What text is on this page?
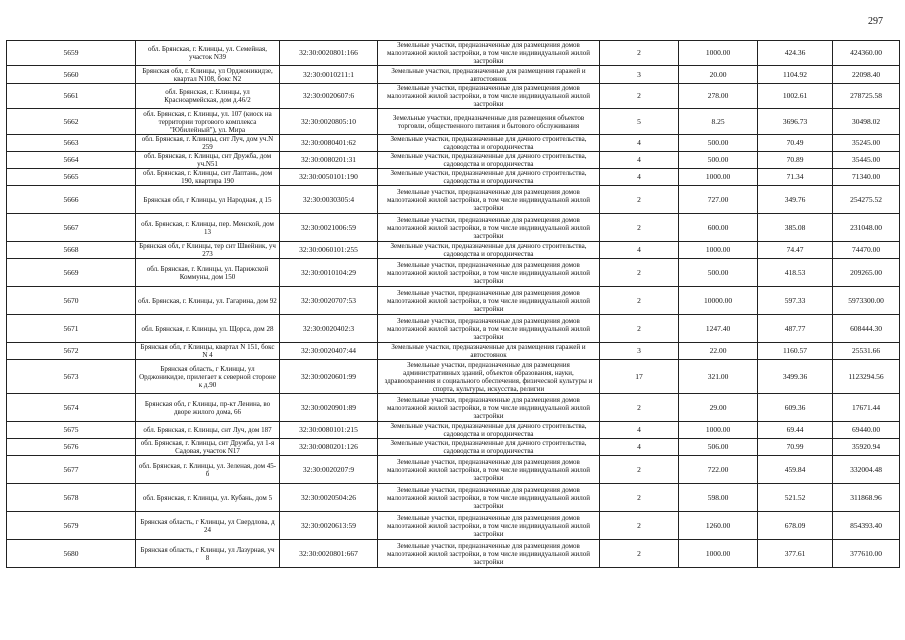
297
5659	обл. Брянская, г. Клинцы, ул. Семейная, участок N39	32:30:0020801:166	Земельные участки, предназначенные для размещения домов малоэтажной жилой застройки, в том числе индивидуальной жилой застройки	2	1000.00	424.36	424360.00
5660	Брянская обл, г. Клинцы, ул Орджоникидзе, квартал N108, бокс N2	32:30:0010211:1	Земельные участки, предназначенные для размещения гаражей и автостоянок	3	20.00	1104.92	22098.40
5661	обл. Брянская, г. Клинцы, ул Красноармейская, дом д.46/2	32:30:0020607:6	Земельные участки, предназначенные для размещения домов малоэтажной жилой застройки, в том числе индивидуальной жилой застройки	2	278.00	1002.61	278725.58
5662	обл. Брянская, г. Клинцы, ул. 107 (киоск на территории торгового комплекса "Юбилейный"), ул. Мира	32:30:0020805:10	Земельные участки, предназначенные для размещения объектов торговли, общественного питания и бытового обслуживания	5	8.25	3696.73	30498.02
5663	обл. Брянская, г. Клинцы, снт Луч, дом уч.N 259	32:30:0080401:62	Земельные участки, предназначенные для дачного строительства, садоводства и огородничества	4	500.00	70.49	35245.00
5664	обл. Брянская, г. Клинцы, снт Дружба, дом уч.N51	32:30:0080201:31	Земельные участки, предназначенные для дачного строительства, садоводства и огородничества	4	500.00	70.89	35445.00
5665	обл. Брянская, г. Клинцы, снт Лаптань, дом 190, квартира 190	32:30:0050101:190	Земельные участки, предназначенные для дачного строительства, садоводства и огородничества	4	1000.00	71.34	71340.00
5666	Брянская обл, г Клинцы, ул Народная, д 15	32:30:0030305:4	Земельные участки, предназначенные для размещения домов малоэтажной жилой застройки, в том числе индивидуальной жилой застройки	2	727.00	349.76	254275.52
5667	обл. Брянская, г. Клинцы, пер. Менской, дом 13	32:30:0021006:59	Земельные участки, предназначенные для размещения домов малоэтажной жилой застройки, в том числе индивидуальной жилой застройки	2	600.00	385.08	231048.00
5668	Брянская обл, г Клинцы, тер снт Швейник, уч 273	32:30:0060101:255	Земельные участки, предназначенные для дачного строительства, садоводства и огородничества	4	1000.00	74.47	74470.00
5669	обл. Брянская, г. Клинцы, ул. Парижской Коммуны, дом 150	32:30:0010104:29	Земельные участки, предназначенные для размещения домов малоэтажной жилой застройки, в том числе индивидуальной жилой застройки	2	500.00	418.53	209265.00
5670	обл. Брянская, г. Клинцы, ул. Гагарина, дом 92	32:30:0020707:53	Земельные участки, предназначенные для размещения домов малоэтажной жилой застройки, в том числе индивидуальной жилой застройки	2	10000.00	597.33	5973300.00
5671	обл. Брянская, г. Клинцы, ул. Щорса, дом 28	32:30:0020402:3	Земельные участки, предназначенные для размещения домов малоэтажной жилой застройки, в том числе индивидуальной жилой застройки	2	1247.40	487.77	608444.30
5672	Брянская обл, г Клинцы, квартал N 151, бокс N 4	32:30:0020407:44	Земельные участки, предназначенные для размещения гаражей и автостоянок	3	22.00	1160.57	25531.66
5673	Брянская область, г Клинцы, ул Орджоникидзе, прилегает к северной стороне к д.90	32:30:0020601:99	Земельные участки, предназначенные для размещения административных зданий, объектов образования, науки, здравоохранения и социального обеспечения, физической культуры и спорта, культуры, искусства, религии	17	321.00	3499.36	1123294.56
5674	Брянская обл, г Клинцы, пр-кт Ленина, во дворе жилого дома, 66	32:30:0020901:89	Земельные участки, предназначенные для размещения домов малоэтажной жилой застройки, в том числе индивидуальной жилой застройки	2	29.00	609.36	17671.44
5675	обл. Брянская, г. Клинцы, снт Луч, дом 187	32:30:0080101:215	Земельные участки, предназначенные для дачного строительства, садоводства и огородничества	4	1000.00	69.44	69440.00
5676	обл. Брянская, г. Клинцы, снт Дружба, ул 1-я Садовая, участок N17	32:30:0080201:126	Земельные участки, предназначенные для дачного строительства, садоводства и огородничества	4	506.00	70.99	35920.94
5677	обл. Брянская, г. Клинцы, ул. Зеленая, дом 45-б	32:30:0020207:9	Земельные участки, предназначенные для размещения домов малоэтажной жилой застройки, в том числе индивидуальной жилой застройки	2	722.00	459.84	332004.48
5678	обл. Брянская, г. Клинцы, ул. Кубань, дом 5	32:30:0020504:26	Земельные участки, предназначенные для размещения домов малоэтажной жилой застройки, в том числе индивидуальной жилой застройки	2	598.00	521.52	311868.96
5679	Брянская область, г Клинцы, ул Свердлова, д 24	32:30:0020613:59	Земельные участки, предназначенные для размещения домов малоэтажной жилой застройки, в том числе индивидуальной жилой застройки	2	1260.00	678.09	854393.40
5680	Брянская область, г Клинцы, ул Лазурная, уч 8	32:30:0020801:667	Земельные участки, предназначенные для размещения домов малоэтажной жилой застройки, в том числе индивидуальной жилой застройки	2	1000.00	377.61	377610.00
